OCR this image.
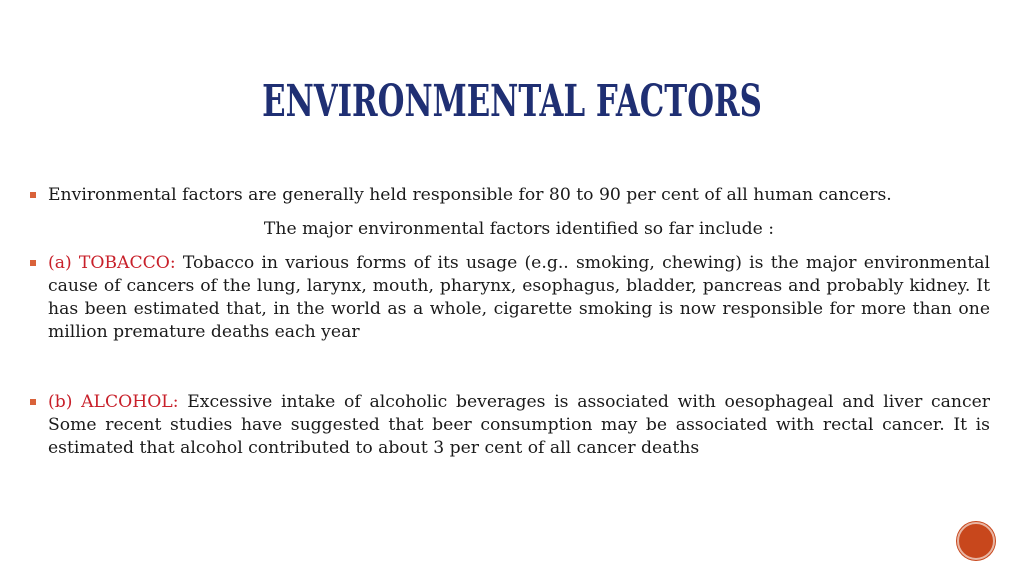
ENVIRONMENTAL FACTORS
Environmental factors are generally held responsible for 80 to 90 per cent of all human cancers.
The major environmental factors identified so far include :
(a) TOBACCO: Tobacco in various forms of its usage (e.g.. smoking, chewing) is the major environmental cause of cancers of the lung, larynx, mouth, pharynx, esophagus, bladder, pancreas and probably kidney. It has been estimated that, in the world as a whole, cigarette smoking is now responsible for more than one million premature deaths each year
(b) ALCOHOL: Excessive intake of alcoholic beverages is associated with oesophageal and liver cancer Some recent studies have suggested that beer consumption may be associated with rectal cancer. It is estimated that alcohol contributed to about 3 per cent of all cancer deaths
